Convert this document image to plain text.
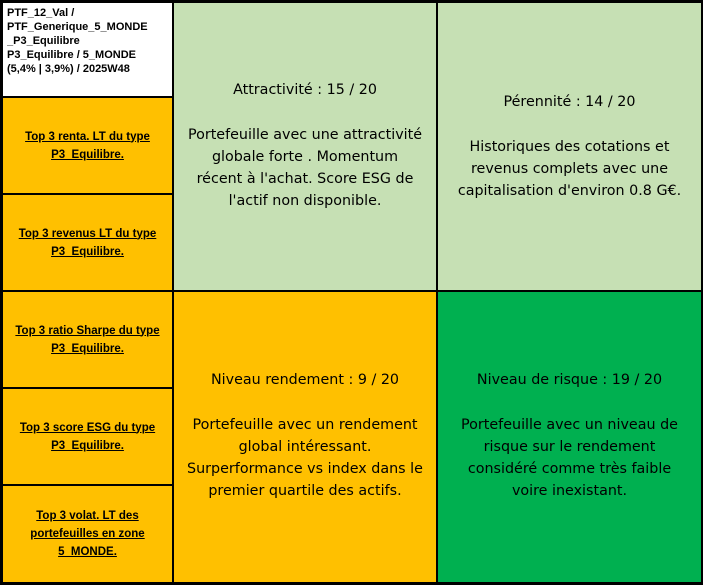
PTF_12_Val /
PTF_Generique_5_MONDE
_P3_Equilibre
P3_Equilibre / 5_MONDE
(5,4% | 3,9%) / 2025W48
Top 3 renta. LT du type P3_Equilibre.
Top 3 revenus LT du type P3_Equilibre.
Top 3 ratio Sharpe du type P3_Equilibre.
Top 3 score ESG du type P3_Equilibre.
Top 3 volat. LT des portefeuilles en zone 5_MONDE.
Attractivité : 15 / 20
Portefeuille avec une attractivité
globale forte . Momentum
récent à l'achat. Score ESG de
l'actif non disponible.
Pérennité : 14 / 20
Historiques des cotations et
revenus complets avec une
capitalisation d'environ 0.8 G€.
Niveau rendement : 9 / 20
Portefeuille avec un rendement
global intéressant.
Surperformance vs index dans le
premier quartile des actifs.
Niveau de risque : 19 / 20
Portefeuille avec un niveau de
risque sur le rendement
considéré comme très faible
voire inexistant.
